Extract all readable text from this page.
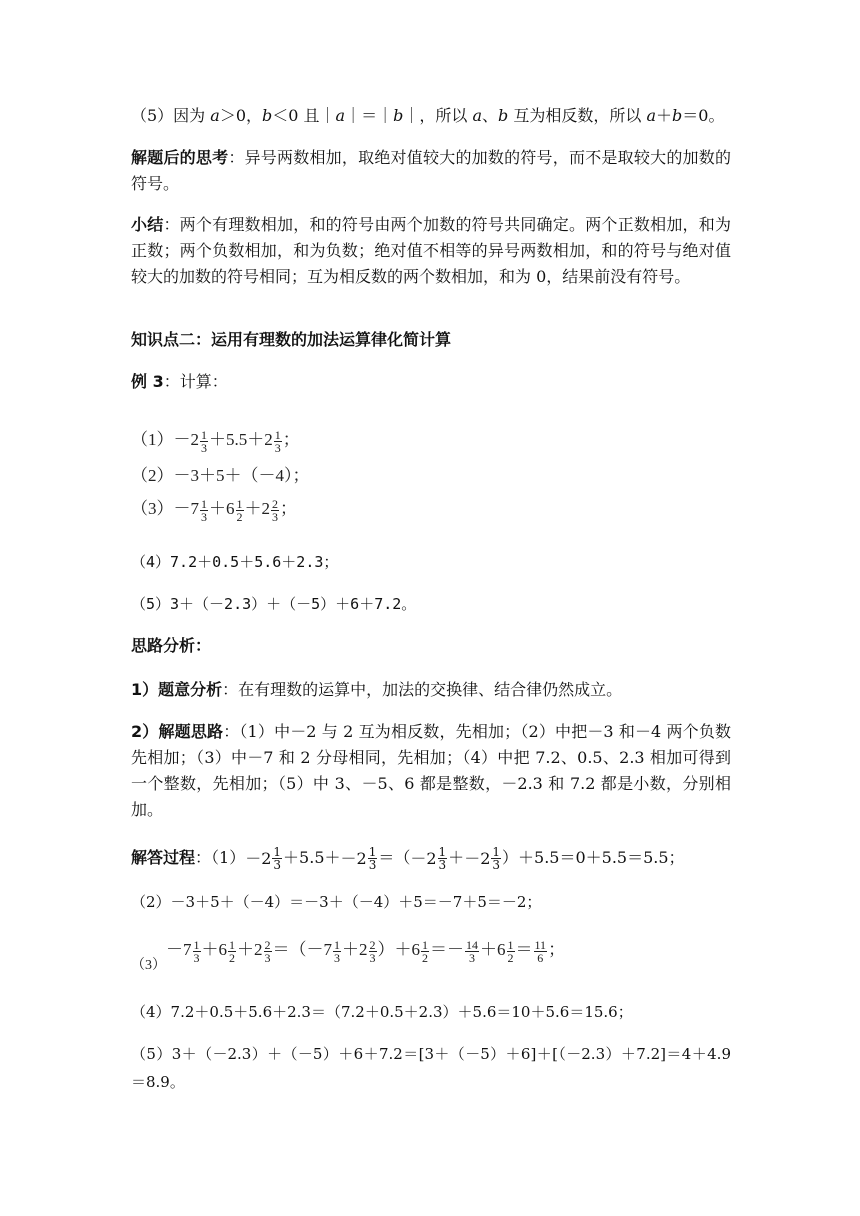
（5）因为 a＞0，b＜0 且｜a｜＝｜b｜，所以 a、b 互为相反数，所以 a＋b＝0。
解题后的思考：异号两数相加，取绝对值较大的加数的符号，而不是取较大的加数的符号。
小结：两个有理数相加，和的符号由两个加数的符号共同确定。两个正数相加，和为正数；两个负数相加，和为负数；绝对值不相等的异号两数相加，和的符号与绝对值较大的加数的符号相同；互为相反数的两个数相加，和为 0，结果前没有符号。
知识点二：运用有理数的加法运算律化简计算
例 3：计算：
$(1)-2 \frac{1}{3} +5.5+2 \frac{1}{3}$ ；
（2）－3＋5＋（－4）；
$(3)-7 \frac{1}{3} +6 \frac{1}{2} +2 \frac{2}{3}$ ；
（4）7.2＋0.5＋5.6＋2.3；
（5）3＋（－2.3）＋（－5）＋6＋7.2。
思路分析：
1）题意分析：在有理数的运算中，加法的交换律、结合律仍然成立。
2）解题思路：（1）中－2 与 2 互为相反数，先相加；（2）中把－3 和－4 两个负数先相加；（3）中－7 和 2 分母相同，先相加；（4）中把 7.2、0.5、2.3 相加可得到一个整数，先相加；（5）中 3、－5、6 都是整数，－2.3 和 7.2 都是小数，分别相加。
解答过程：$(1) -2 \frac{1}{3} +5.5+ -2 \frac{1}{3}$ ＝（ $-2 \frac{1}{3} + -2 \frac{1}{3} )+5.5=0+5.5=5.5$；
（2）－3＋5＋（－4）＝－3＋（－4）＋5＝－7＋5＝－2；
$_{(3)}-7 \frac{1}{3} +6 \frac{1}{2} +2 \frac{2}{3} =(-7 \frac{1}{3} +2 \frac{2}{3} )+6 \frac{1}{2} =- \frac{14}{3} +6 \frac{1}{2} = \frac{11}{6}$ ；
（4）7.2＋0.5＋5.6＋2.3＝（7.2＋0.5＋2.3）＋5.6＝10＋5.6＝15.6；
（5）3＋（－2.3）＋（－5）＋6＋7.2＝[3＋（－5）＋6]＋[（－2.3）＋7.2]＝4＋4.9＝8.9。
